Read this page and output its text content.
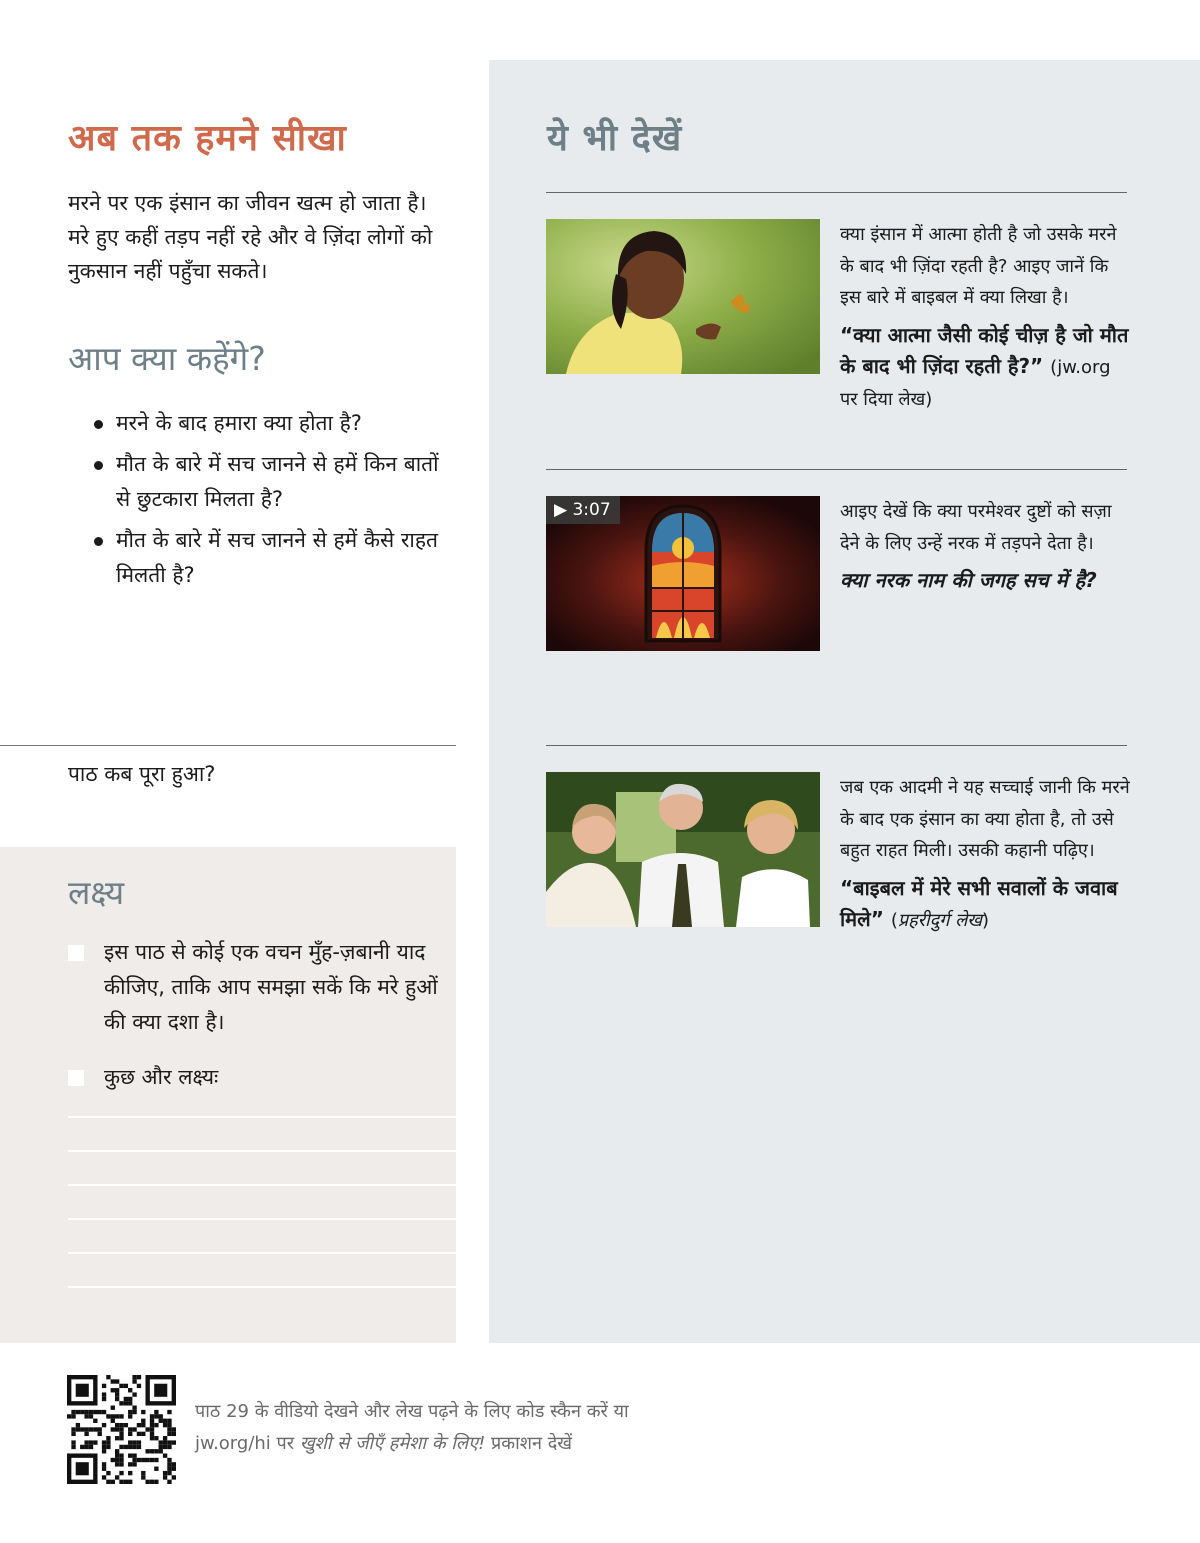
अब तक हमने सीखा

मरने पर एक इंसान का जीवन खत्म हो जाता है। मरे हुए कहीं तड़प नहीं रहे और वे ज़िंदा लोगों को नुकसान नहीं पहुँचा सकते।

आप क्या कहेंगे?
मरने के बाद हमारा क्या होता है?
मौत के बारे में सच जानने से हमें किन बातों से छुटकारा मिलता है?
मौत के बारे में सच जानने से हमें कैसे राहत मिलती है?

पाठ कब पूरा हुआ?

लक्ष्य
इस पाठ से कोई एक वचन मुँह-ज़बानी याद कीजिए, ताकि आप समझा सकें कि मरे हुओं की क्या दशा है।
कुछ और लक्ष्यः
ये भी देखें

क्या इंसान में आत्मा होती है जो उसके मरने के बाद भी ज़िंदा रहती है? आइए जानें कि इस बारे में बाइबल में क्या लिखा है।

“क्या आत्मा जैसी कोई चीज़ है जो मौत के बाद भी ज़िंदा रहती है?” (jw.org पर दिया लेख)

▶ 3:07	आइए देखें कि क्या परमेश्वर दुष्टों को सज़ा देने के लिए उन्हें नरक में तड़पने देता है।

क्या नरक नाम की जगह सच में है?

जब एक आदमी ने यह सच्चाई जानी कि मरने के बाद एक इंसान का क्या होता है, तो उसे बहुत राहत मिली। उसकी कहानी पढ़िए।

“बाइबल में मेरे सभी सवालों के जवाब मिले” (प्रहरीदुर्ग लेख)

पाठ 29 के वीडियो देखने और लेख पढ़ने के लिए कोड स्कैन करें या jw.org/hi पर खुशी से जीएँ हमेशा के लिए! प्रकाशन देखें
